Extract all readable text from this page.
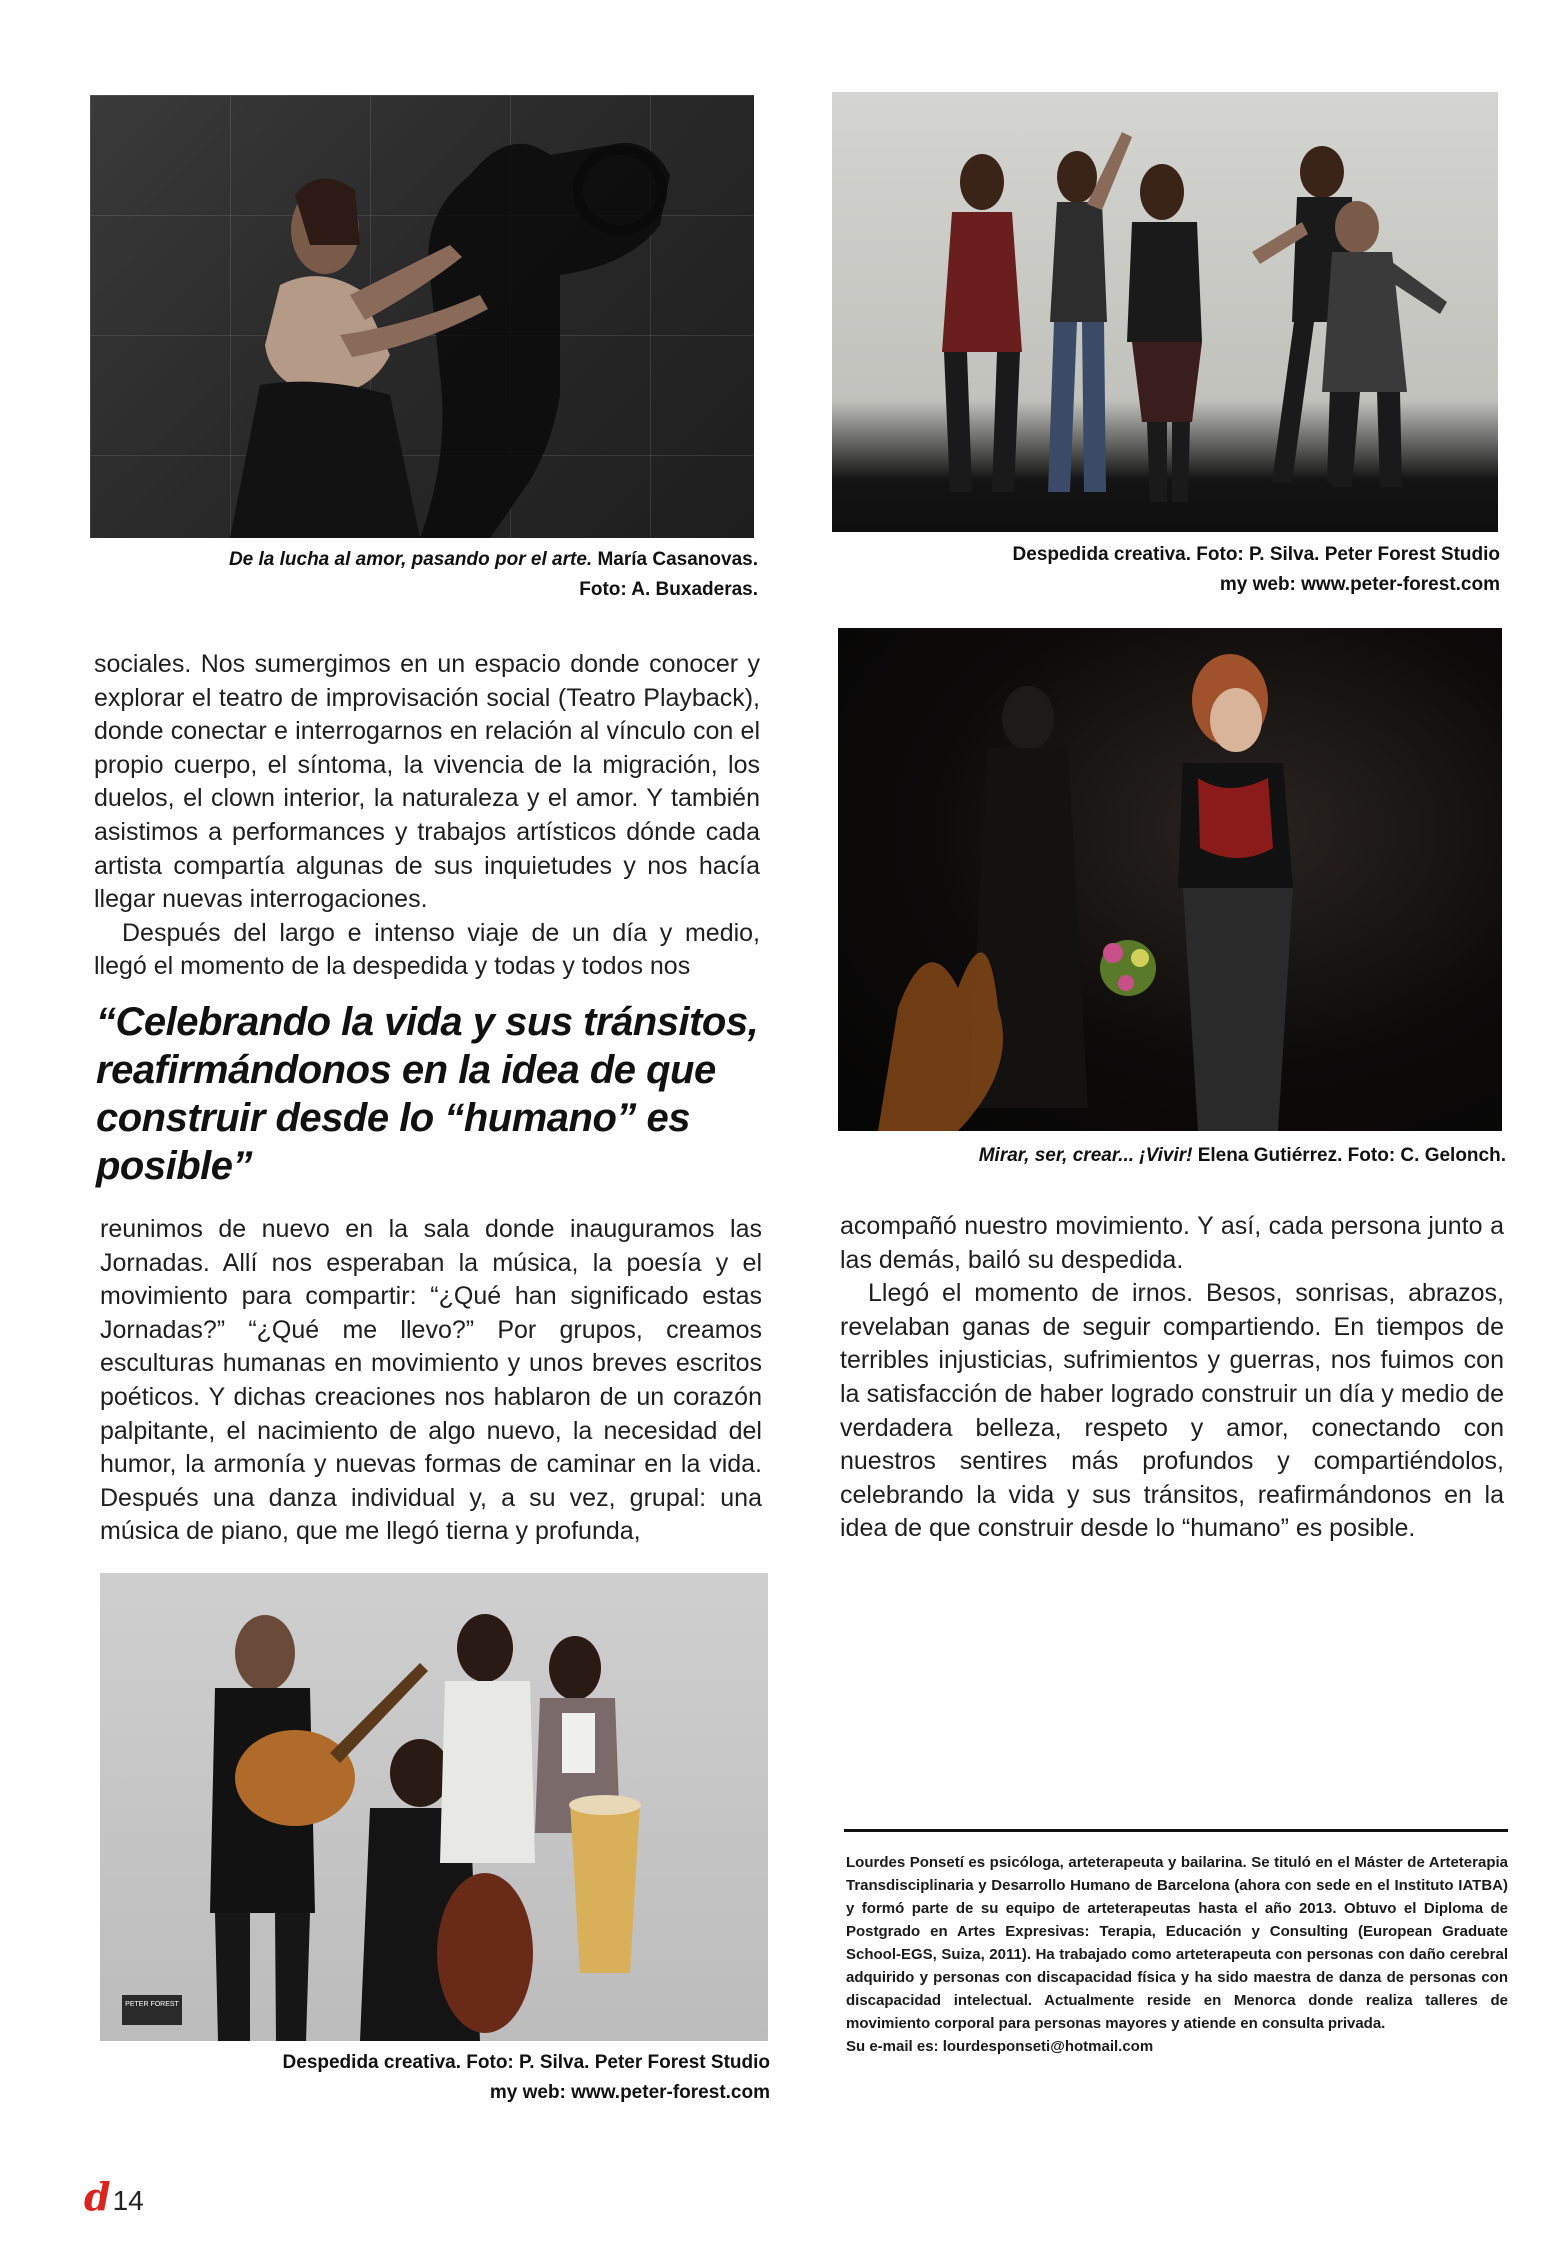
De la lucha al amor, pasando por el arte. María Casanovas.
Foto: A. Buxaderas.
Despedida creativa. Foto: P. Silva. Peter Forest Studio
my web: www.peter-forest.com
Mirar, ser, crear... ¡Vivir! Elena Gutiérrez. Foto: C. Gelonch.

sociales. Nos sumergimos en un espacio donde conocer y explorar el teatro de improvisación social (Teatro Playback), donde conectar e interrogarnos en relación al vínculo con el propio cuerpo, el síntoma, la vivencia de la migración, los duelos, el clown interior, la naturaleza y el amor. Y también asistimos a performances y trabajos artísticos dónde cada artista compartía algunas de sus inquietudes y nos hacía llegar nuevas interrogaciones.

Después del largo e intenso viaje de un día y medio, llegó el momento de la despedida y todas y todos nos

“Celebrando la vida y sus tránsitos, reafirmándonos en la idea de que construir desde lo “humano” es posible”

reunimos de nuevo en la sala donde inauguramos las Jornadas. Allí nos esperaban la música, la poesía y el movimiento para compartir: “¿Qué han significado estas Jornadas?” “¿Qué me llevo?” Por grupos, creamos esculturas humanas en movimiento y unos breves escritos poéticos. Y dichas creaciones nos hablaron de un corazón palpitante, el nacimiento de algo nuevo, la necesidad del humor, la armonía y nuevas formas de caminar en la vida. Después una danza individual y, a su vez, grupal: una música de piano, que me llegó tierna y profunda,

acompañó nuestro movimiento. Y así, cada persona junto a las demás, bailó su despedida.

Llegó el momento de irnos. Besos, sonrisas, abrazos, revelaban ganas de seguir compartiendo. En tiempos de terribles injusticias, sufrimientos y guerras, nos fuimos con la satisfacción de haber logrado construir un día y medio de verdadera belleza, respeto y amor, conectando con nuestros sentires más profundos y compartiéndolos, celebrando la vida y sus tránsitos, reafirmándonos en la idea de que construir desde lo “humano” es posible.

PETER FOREST
Despedida creativa. Foto: P. Silva. Peter Forest Studio
my web: www.peter-forest.com

Lourdes Ponsetí es psicóloga, arteterapeuta y bailarina. Se tituló en el Máster de Arteterapia Transdisciplinaria y Desarrollo Humano de Barcelona (ahora con sede en el Instituto IATBA) y formó parte de su equipo de arteterapeutas hasta el año 2013. Obtuvo el Diploma de Postgrado en Artes Expresivas: Terapia, Educación y Consulting (European Graduate School-EGS, Suiza, 2011). Ha trabajado como arteterapeuta con personas con daño cerebral adquirido y personas con discapacidad física y ha sido maestra de danza de personas con discapacidad intelectual. Actualmente reside en Menorca donde realiza talleres de movimiento corporal para personas mayores y atiende en consulta privada.

Su e-mail es: lourdesponseti@hotmail.com

d14
